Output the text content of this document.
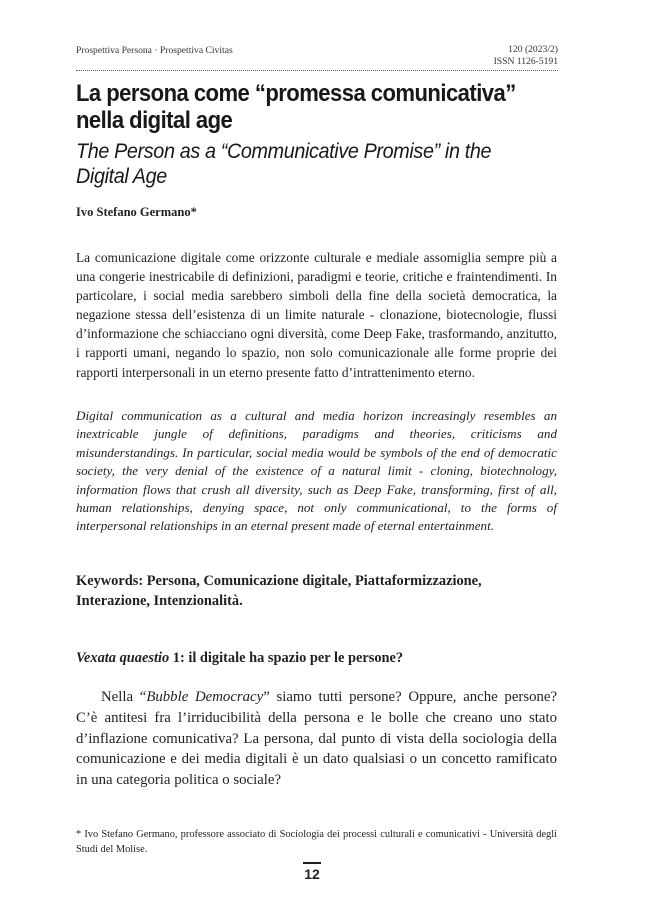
Prospettiva Persona · Prospettiva Civitas	120 (2023/2)
ISSN 1126-5191
La persona come “promessa comunicativa” nella digital age
The Person as a “Communicative Promise” in the Digital Age
Ivo Stefano Germano*

La comunicazione digitale come orizzonte culturale e mediale assomiglia sempre più a una congerie inestricabile di definizioni, paradigmi e teorie, critiche e fraintendimenti. In particolare, i social media sarebbero simboli della fine della società democratica, la negazione stessa dell’esistenza di un limite naturale - clonazione, biotecnologie, flussi d’informazione che schiacciano ogni diversità, come Deep Fake, trasformando, anzitutto, i rapporti umani, negando lo spazio, non solo comunicazionale alle forme proprie dei rapporti interpersonali in un eterno presente fatto d’intrattenimento eterno.

Digital communication as a cultural and media horizon increasingly resembles an inextricable jungle of definitions, paradigms and theories, criticisms and misunderstandings. In particular, social media would be symbols of the end of democratic society, the very denial of the existence of a natural limit - cloning, biotechnology, information flows that crush all diversity, such as Deep Fake, transforming, first of all, human relationships, denying space, not only communicational, to the forms of interpersonal relationships in an eternal present made of eternal entertainment.

Keywords: Persona, Comunicazione digitale, Piattaformizzazione, Interazione, Intenzionalità.
Vexata quaestio 1: il digitale ha spazio per le persone?

Nella “Bubble Democracy” siamo tutti persone? Oppure, anche persone? C’è antitesi fra l’irriducibilità della persona e le bolle che creano uno stato d’inflazione comunicativa? La persona, dal punto di vista della sociologia della comunicazione e dei media digitali è un dato qualsiasi o un concetto ramificato in una categoria politica o sociale?

* Ivo Stefano Germano, professore associato di Sociologia dei processi culturali e comunicativi - Università degli Studi del Molise.
12
